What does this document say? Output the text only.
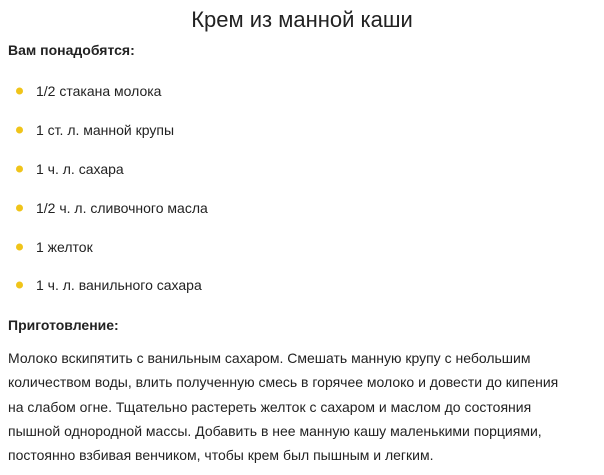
Крем из манной каши
Вам понадобятся:
1/2 стакана молока
1 ст. л. манной крупы
1 ч. л. сахара
1/2 ч. л. сливочного масла
1 желток
1 ч. л. ванильного сахара
Приготовление:
Молоко вскипятить с ванильным сахаром. Смешать манную крупу с небольшим
количеством воды, влить полученную смесь в горячее молоко и довести до кипения
на слабом огне. Тщательно растереть желток с сахаром и маслом до состояния
пышной однородной массы. Добавить в нее манную кашу маленькими порциями,
постоянно взбивая венчиком, чтобы крем был пышным и легким.
